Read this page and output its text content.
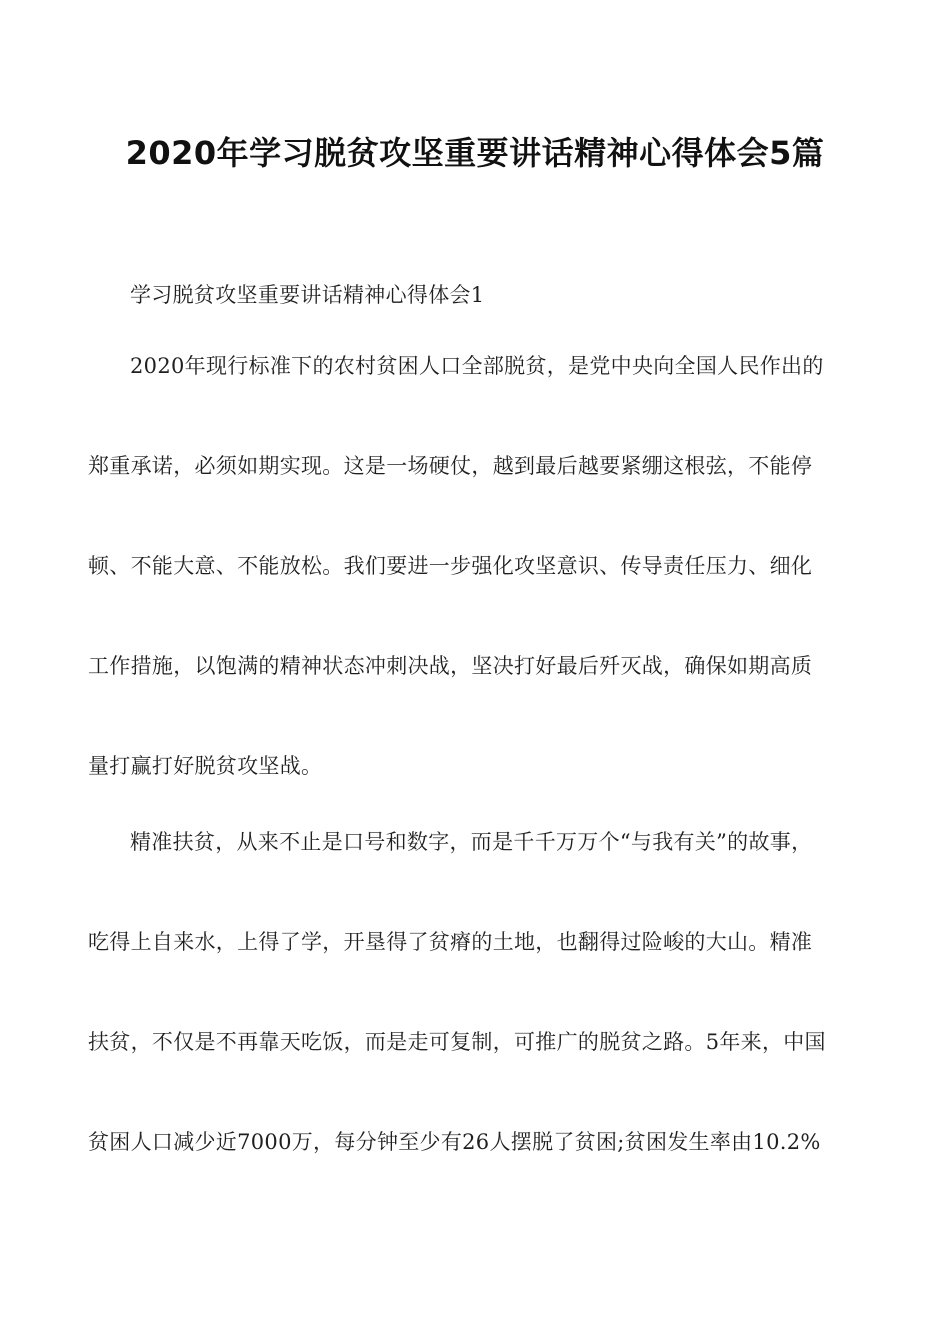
2020年学习脱贫攻坚重要讲话精神心得体会5篇
学习脱贫攻坚重要讲话精神心得体会1
2020年现行标准下的农村贫困人口全部脱贫，是党中央向全国人民作出的
郑重承诺，必须如期实现。这是一场硬仗，越到最后越要紧绷这根弦，不能停
顿、不能大意、不能放松。我们要进一步强化攻坚意识、传导责任压力、细化
工作措施，以饱满的精神状态冲刺决战，坚决打好最后歼灭战，确保如期高质
量打赢打好脱贫攻坚战。
精准扶贫，从来不止是口号和数字，而是千千万万个“与我有关”的故事，
吃得上自来水，上得了学，开垦得了贫瘠的土地，也翻得过险峻的大山。精准
扶贫，不仅是不再靠天吃饭，而是走可复制，可推广的脱贫之路。5年来，中国
贫困人口减少近7000万，每分钟至少有26人摆脱了贫困;贫困发生率由10.2%
